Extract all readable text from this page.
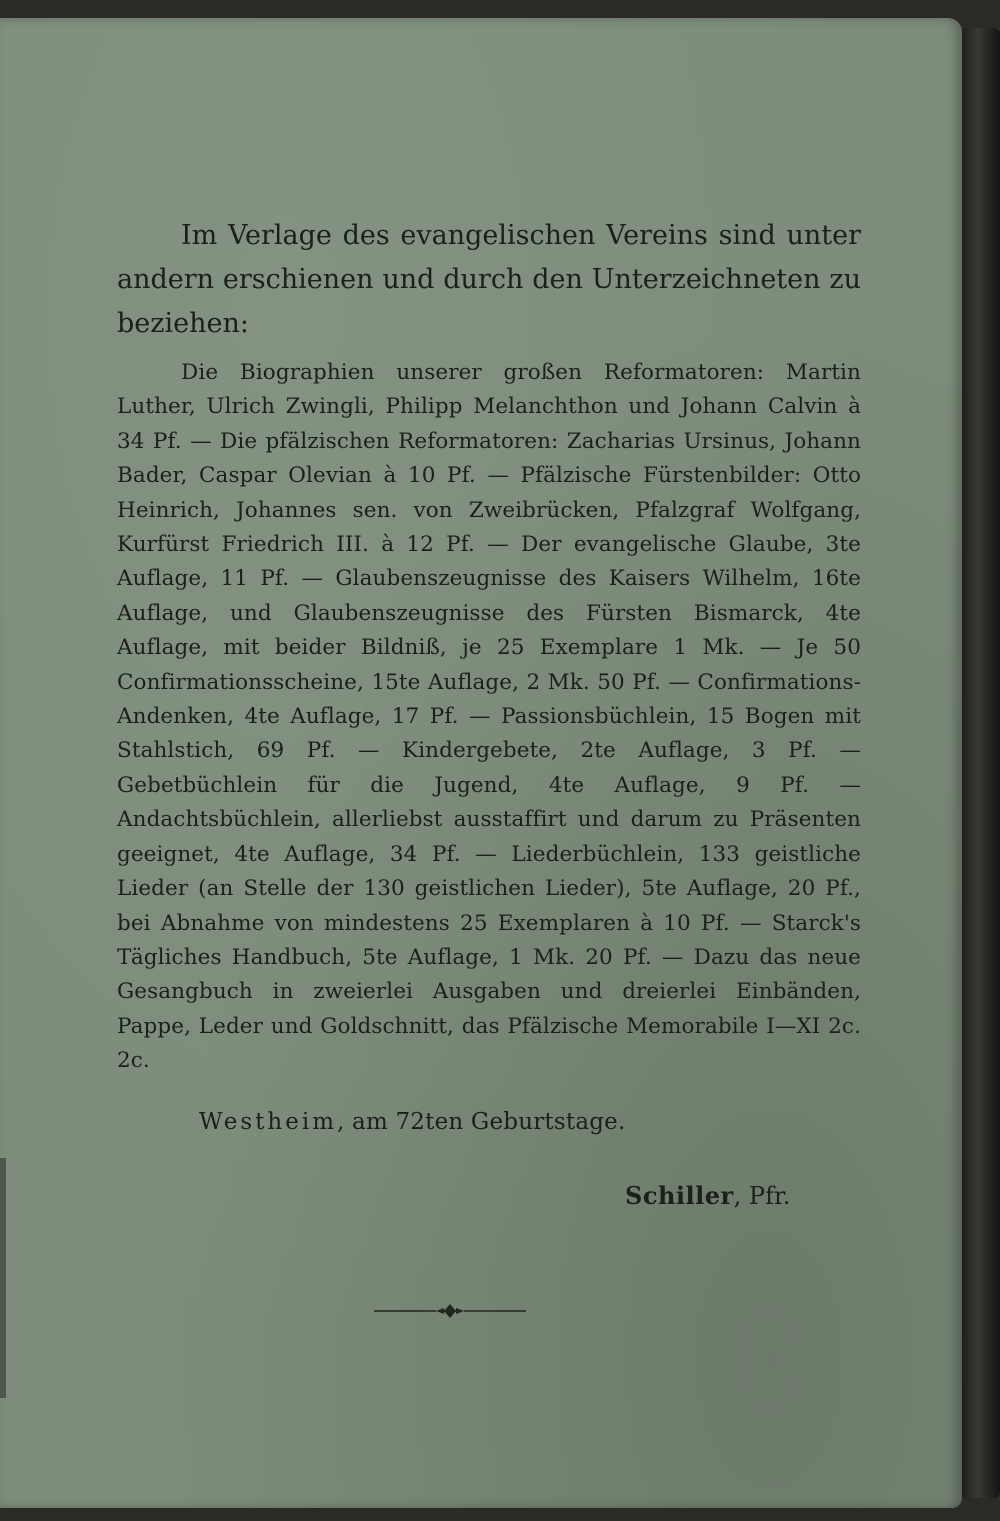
Im Verlage des evangelischen Vereins sind unter andern erschienen und durch den Unterzeichneten zu beziehen:

Die Biographien unserer großen Reformatoren: Martin Luther, Ulrich Zwingli, Philipp Melanchthon und Johann Calvin à 34 Pf. — Die pfälzischen Reformatoren: Zacharias Ursinus, Johann Bader, Caspar Olevian à 10 Pf. — Pfälzische Fürstenbilder: Otto Heinrich, Johannes sen. von Zweibrücken, Pfalzgraf Wolfgang, Kurfürst Friedrich III. à 12 Pf. — Der evangelische Glaube, 3te Auflage, 11 Pf. — Glaubenszeugnisse des Kaisers Wilhelm, 16te Auflage, und Glaubenszeugnisse des Fürsten Bismarck, 4te Auflage, mit beider Bildniß, je 25 Exemplare 1 Mk. — Je 50 Confirmationsscheine, 15te Auflage, 2 Mk. 50 Pf. — Confirmations-Andenken, 4te Auflage, 17 Pf. — Passionsbüchlein, 15 Bogen mit Stahlstich, 69 Pf. — Kindergebete, 2te Auflage, 3 Pf. — Gebetbüchlein für die Jugend, 4te Auflage, 9 Pf. — Andachtsbüchlein, allerliebst ausstaffirt und darum zu Präsenten geeignet, 4te Auflage, 34 Pf. — Liederbüchlein, 133 geistliche Lieder (an Stelle der 130 geistlichen Lieder), 5te Auflage, 20 Pf., bei Abnahme von mindestens 25 Exemplaren à 10 Pf. — Starck's Tägliches Handbuch, 5te Auflage, 1 Mk. 20 Pf. — Dazu das neue Gesangbuch in zweierlei Ausgaben und dreierlei Einbänden, Pappe, Leder und Goldschnitt, das Pfälzische Memorabile I—XI 2c. 2c.

Westheim, am 72ten Geburtstage.
Schiller, Pfr.
